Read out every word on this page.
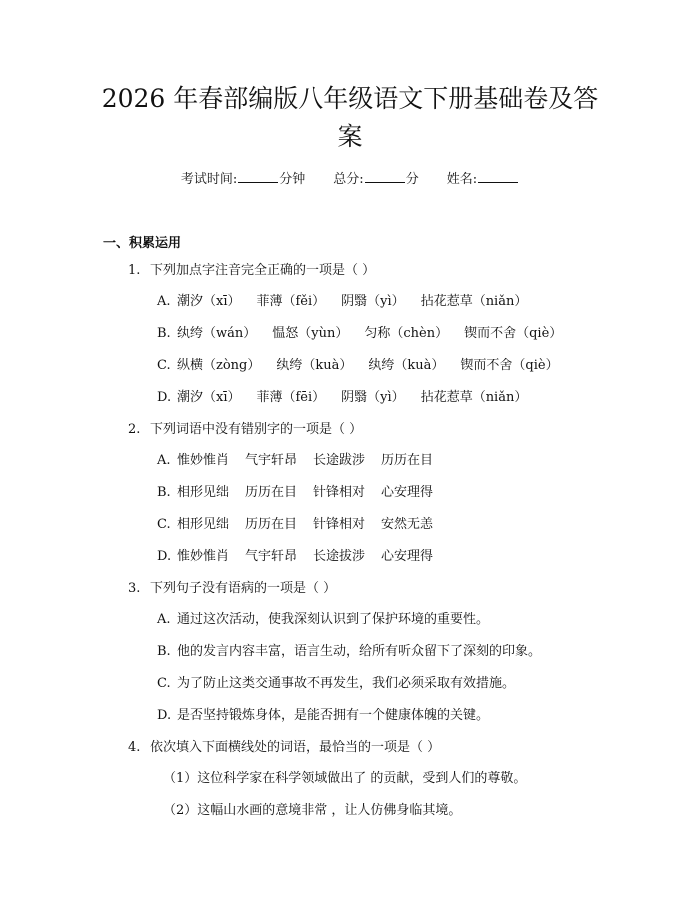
2026 年春部编版八年级语文下册基础卷及答
案
考试时间:	分钟 总分:	分 姓名:
一、积累运用
1. 下列加点字注音完全正确的一项是（ ）
A. 潮汐（xī） 菲薄（fěi） 阴翳（yì） 拈花惹草（niǎn）
B. 纨绔（wán） 愠怒（yùn） 匀称（chèn） 锲而不舍（qiè）
C. 纵横（zòng） 纨绔（kuà） 纨绔（kuà） 锲而不舍（qiè）
D. 潮汐（xī） 菲薄（fēi） 阴翳（yì） 拈花惹草（niǎn）
2. 下列词语中没有错别字的一项是（ ）
A. 惟妙惟肖 气宇轩昂 长途跋涉 历历在目
B. 相形见绌 历历在目 针锋相对 心安理得
C. 相形见绌 历历在目 针锋相对 安然无恙
D. 惟妙惟肖 气宇轩昂 长途拔涉 心安理得
3. 下列句子没有语病的一项是（ ）
A. 通过这次活动，使我深刻认识到了保护环境的重要性。
B. 他的发言内容丰富，语言生动，给所有听众留下了深刻的印象。
C. 为了防止这类交通事故不再发生，我们必须采取有效措施。
D. 是否坚持锻炼身体，是能否拥有一个健康体魄的关键。
4. 依次填入下面横线处的词语，最恰当的一项是（ ）
（1）这位科学家在科学领域做出了 的贡献，受到人们的尊敬。
（2）这幅山水画的意境非常 ，让人仿佛身临其境。
